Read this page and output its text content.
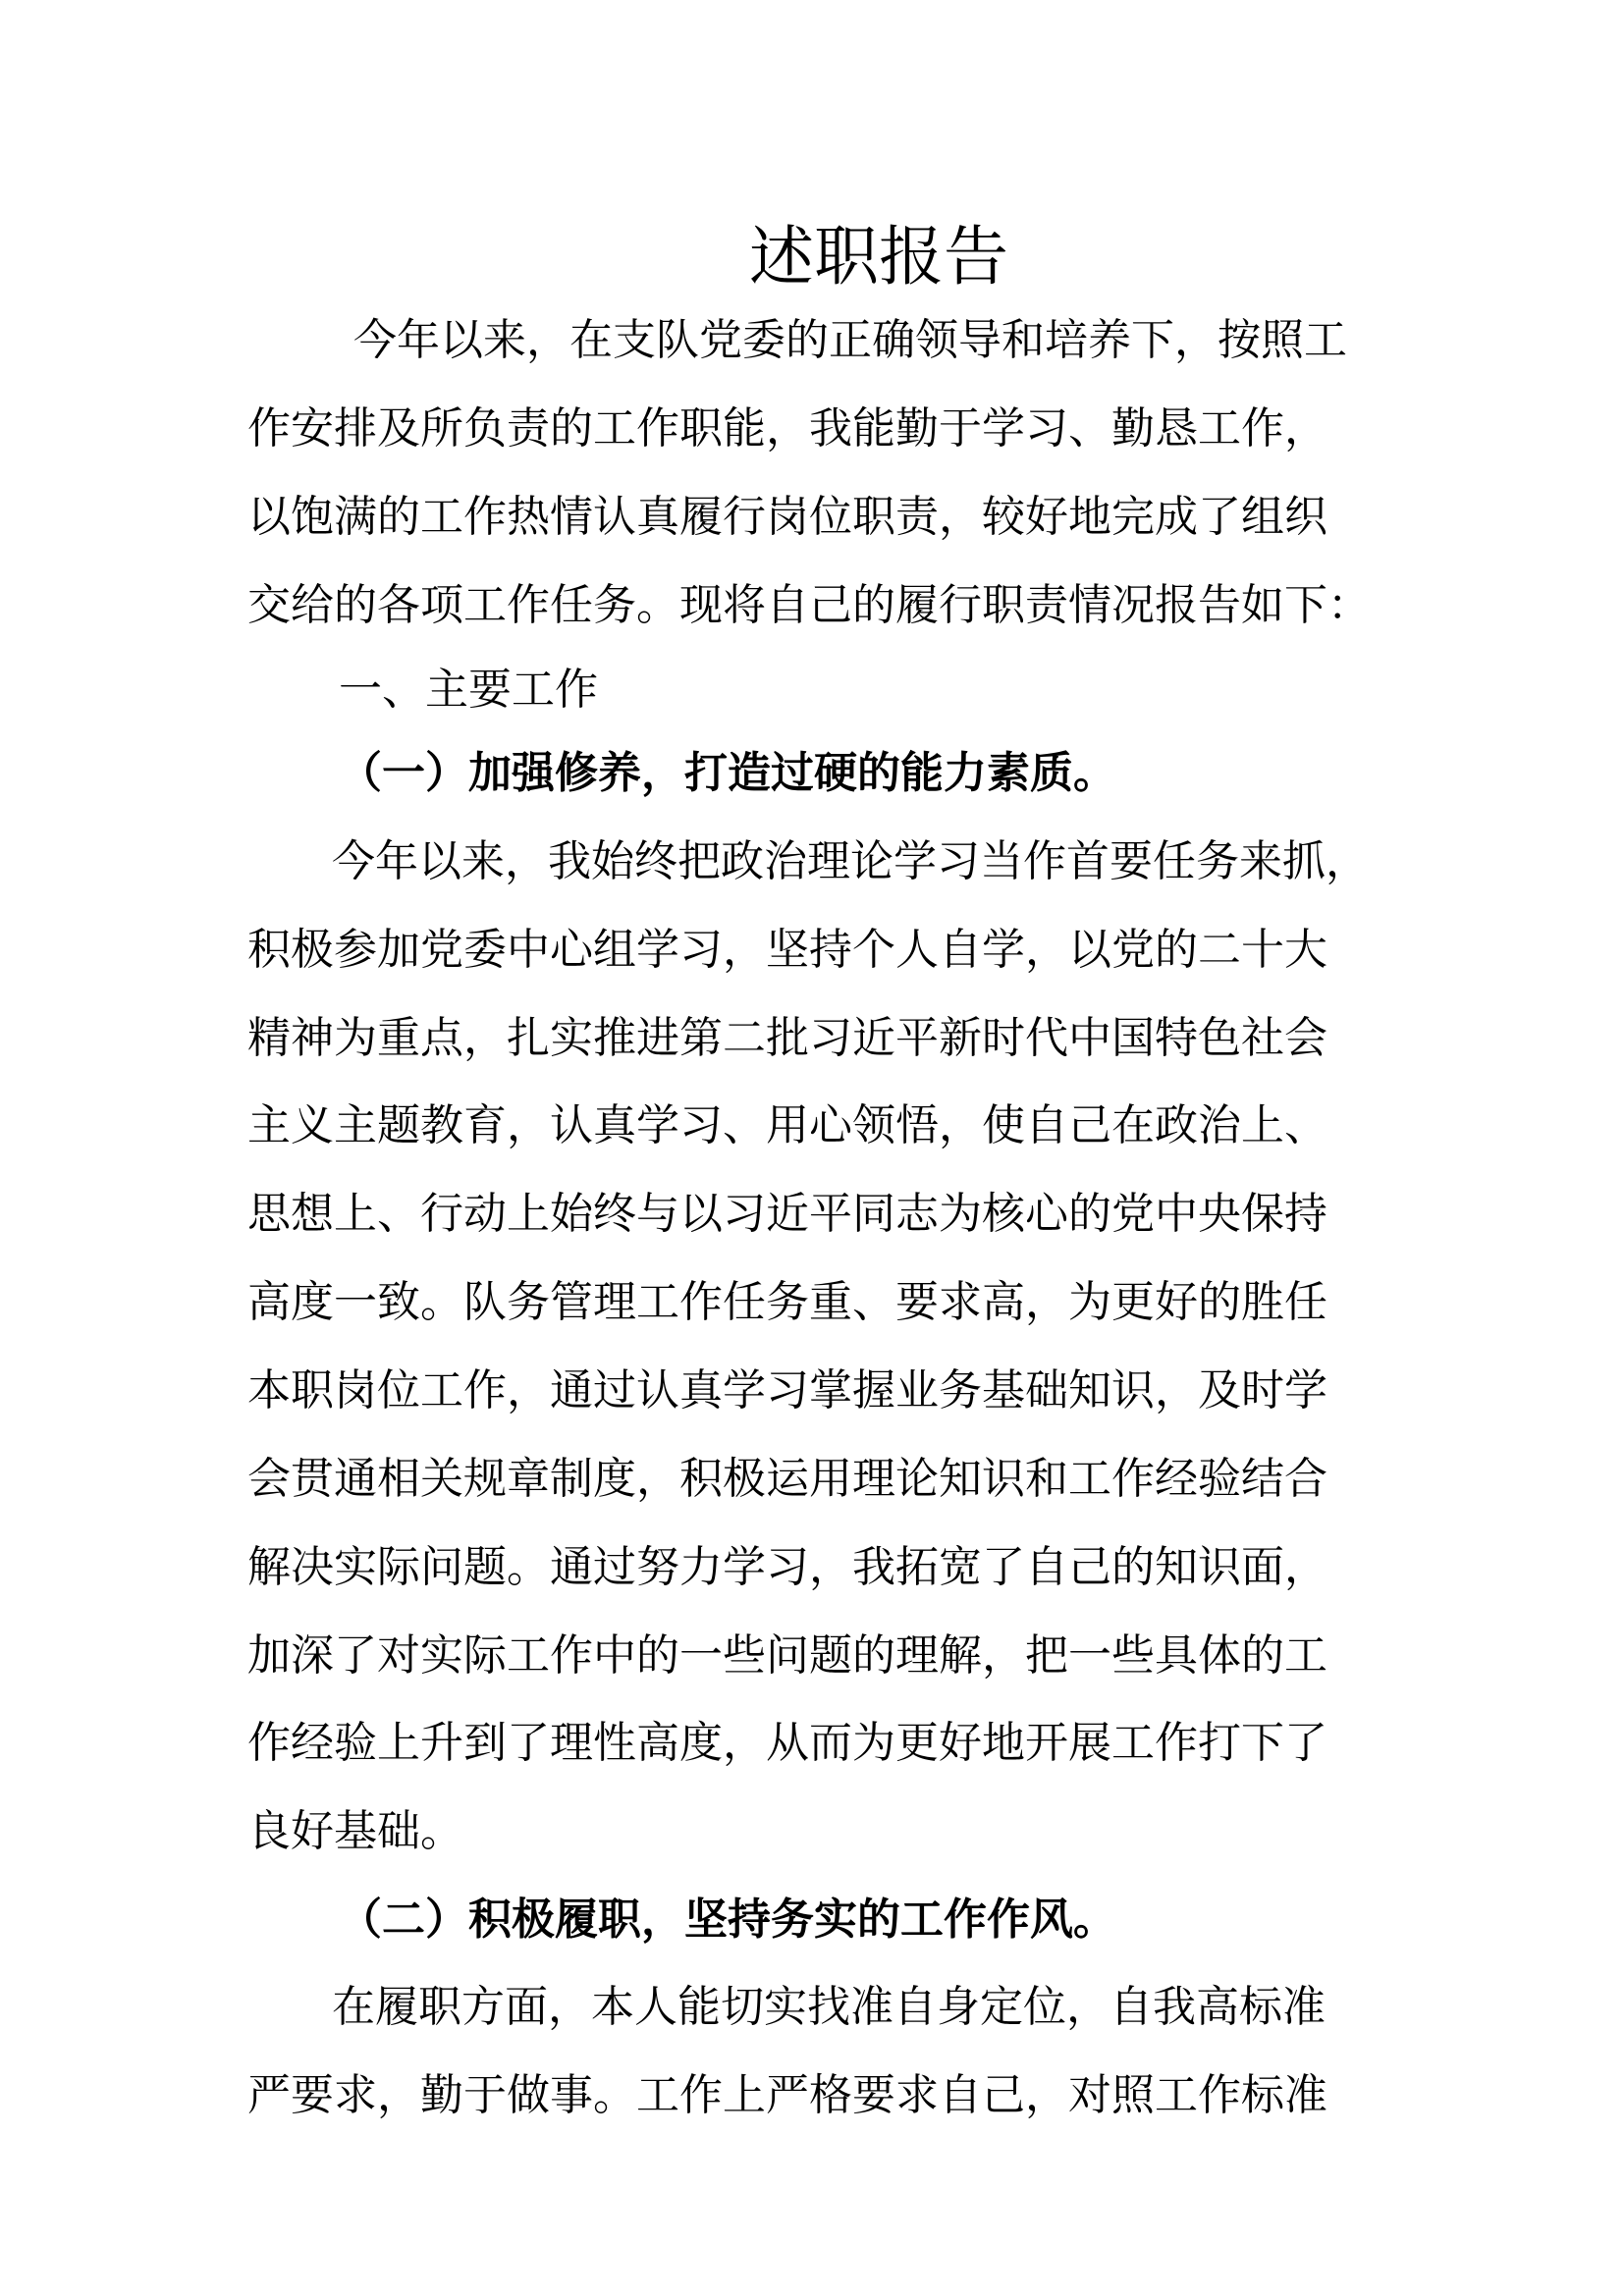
述职报告

今年以来，在支队党委的正确领导和培养下，按照工

作安排及所负责的工作职能，我能勤于学习、勤恳工作，

以饱满的工作热情认真履行岗位职责，较好地完成了组织

交给的各项工作任务。现将自己的履行职责情况报告如下：

一、主要工作

（一）加强修养，打造过硬的能力素质。

今年以来，我始终把政治理论学习当作首要任务来抓，

积极参加党委中心组学习，坚持个人自学，以党的二十大

精神为重点，扎实推进第二批习近平新时代中国特色社会

主义主题教育，认真学习、用心领悟，使自己在政治上、

思想上、行动上始终与以习近平同志为核心的党中央保持

高度一致。队务管理工作任务重、要求高，为更好的胜任

本职岗位工作，通过认真学习掌握业务基础知识，及时学

会贯通相关规章制度，积极运用理论知识和工作经验结合

解决实际问题。通过努力学习，我拓宽了自己的知识面，

加深了对实际工作中的一些问题的理解，把一些具体的工

作经验上升到了理性高度，从而为更好地开展工作打下了

良好基础。

（二）积极履职，坚持务实的工作作风。

在履职方面，本人能切实找准自身定位，自我高标准

严要求，勤于做事。工作上严格要求自己，对照工作标准
